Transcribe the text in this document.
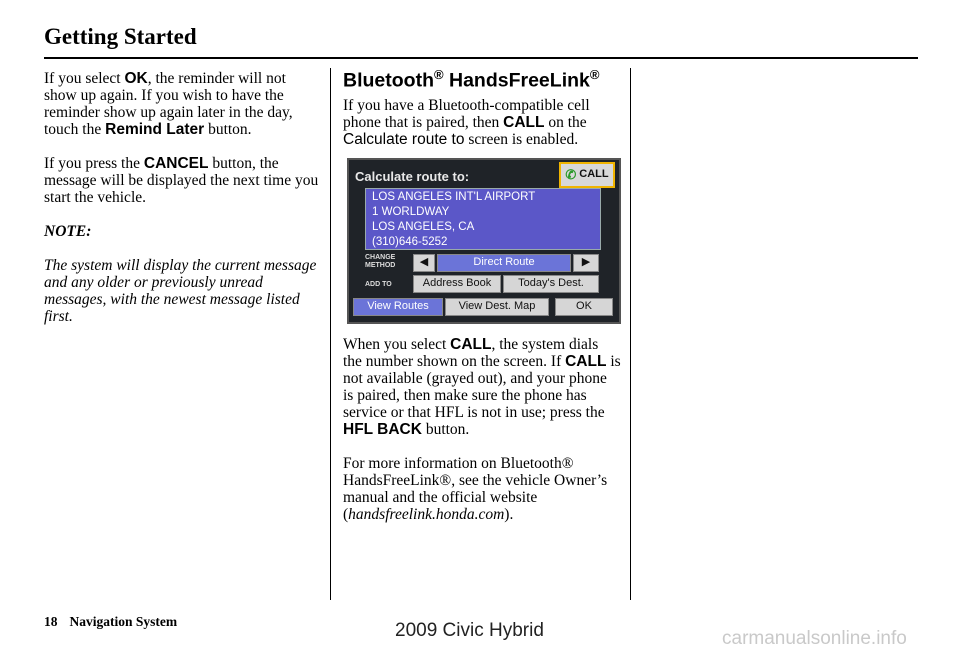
Getting Started

If you select OK, the reminder will not show up again. If you wish to have the reminder show up again later in the day, touch the Remind Later button.

If you press the CANCEL button, the message will be displayed the next time you start the vehicle.

NOTE:

The system will display the current message and any older or previously unread messages, with the newest message listed first.

Bluetooth® HandsFreeLink®

If you have a Bluetooth-compatible cell phone that is paired, then CALL on the Calculate route to screen is enabled.

Calculate route to:	✆ CALL
LOS ANGELES INT'L AIRPORT
1 WORLDWAY
LOS ANGELES, CA
(310)646-5252
CHANGE
METHOD	◀	Direct Route	▶
ADD TO	Address Book	Today's Dest.
View Routes	View Dest. Map	OK

When you select CALL, the system dials the number shown on the screen. If CALL is not available (grayed out), and your phone is paired, then make sure the phone has service or that HFL is not in use; press the HFL BACK button.

For more information on Bluetooth® HandsFreeLink®, see the vehicle Owner’s manual and the official website (handsfreelink.honda.com).

18 Navigation System	2009 Civic Hybrid	carmanualsonline.info
